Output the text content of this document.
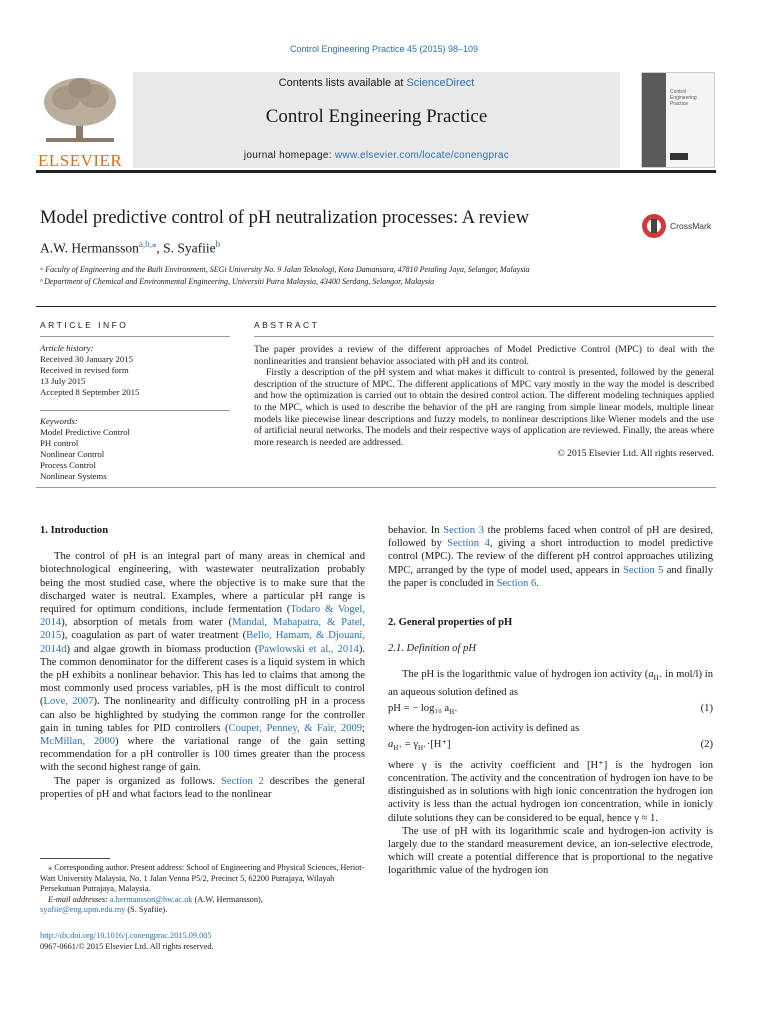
Control Engineering Practice 45 (2015) 98–109
ELSEVIER
Contents lists available at ScienceDirect
Control Engineering Practice
journal homepage: www.elsevier.com/locate/conengprac
Control
Engineering
Practice
Model predictive control of pH neutralization processes: A review	CrossMark
A.W. Hermansson$^{a,b,⁎}$, S. Syafiie$^b$
ᵃ Faculty of Engineering and the Built Environment, SEGi University No. 9 Jalan Teknologi, Kota Damansara, 47810 Petaling Jaya, Selangor, Malaysia
ᵇ Department of Chemical and Environmental Engineering, Universiti Putra Malaysia, 43400 Serdang, Selangor, Malaysia
ARTICLE INFO
Article history:
Received 30 January 2015
Received in revised form
13 July 2015
Accepted 8 September 2015
Keywords:
Model Predictive Control
PH control
Nonlinear Control
Process Control
Nonlinear Systems
ABSTRACT

The paper provides a review of the different approaches of Model Predictive Control (MPC) to deal with the nonlinearities and transient behavior associated with pH and its control.

Firstly a description of the pH system and what makes it difficult to control is presented, followed by the general description of the structure of MPC. The different applications of MPC vary mostly in the way the model is described and how the optimization is carried out to obtain the desired control action. The different modeling techniques applied to the MPC, which is used to describe the behavior of the pH are ranging from simple linear models, multiple linear models like piecewise linear descriptions and fuzzy models, to nonlinear descriptions like Wiener models and the use of artificial neural networks. The models and their respective ways of application are reviewed. Finally, the areas where more research is needed are addressed.

© 2015 Elsevier Ltd. All rights reserved.
1. Introduction

The control of pH is an integral part of many areas in chemical and biotechnological engineering, with wastewater neutralization probably being the most studied case, where the objective is to make sure that the discharged water is neutral. Examples, where a particular pH range is required for optimum conditions, include fermentation (Todaro & Vogel, 2014), absorption of metals from water (Mandal, Mahapatra, & Patel, 2015), coagulation as part of water treatment (Bello, Hamam, & Djouani, 2014d) and algae growth in biomass production (Pawlowski et al., 2014). The common denominator for the different cases is a liquid system in which the pH exhibits a nonlinear behavior. This has led to claims that among the most commonly used process variables, pH is the most difficult to control (Love, 2007). The nonlinearity and difficulty controlling pH in a process can also be highlighted by studying the common range for the controller gain in tuning tables for PID controllers (Couper, Penney, & Fair, 2009; McMillan, 2000) where the variational range of the gain setting recommendation for a pH controller is 100 times greater than the process with the second highest range of gain.

The paper is organized as follows. Section 2 describes the general properties of pH and what factors lead to the nonlinear

⁎ Corresponding author. Present address: School of Engineering and Physical Sciences, Heriot-Watt University Malaysia, No. 1 Jalan Venna P5/2, Precinct 5, 62200 Putrajaya, Wilayah Persekutuan Putrajaya, Malaysia.
E-mail addresses: a.hermansson@hw.ac.uk (A.W. Hermansson),
syafiie@eng.upm.edu.my (S. Syafiie).
http://dx.doi.org/10.1016/j.conengprac.2015.09.005
0967-0661/© 2015 Elsevier Ltd. All rights reserved.

behavior. In Section 3 the problems faced when control of pH are desired, followed by Section 4, giving a short introduction to model predictive control (MPC). The review of the different pH control approaches utilizing MPC, arranged by the type of model used, appears in Section 5 and finally the paper is concluded in Section 6.

2. General properties of pH
2.1. Definition of pH

The pH is the logarithmic value of hydrogen ion activity ($a_{H^+}$ in mol/l) in an aqueous solution defined as

pH = − log₁₀ $a_{H^+}$	(1)

where the hydrogen-ion activity is defined as

$a_{H^+} = \gamma_{H^+}\cdot[H^+]$	(2)

where γ is the activity coefficient and [H⁺] is the hydrogen ion concentration. The activity and the concentration of hydrogen ion have to be distinguished as in solutions with high ionic concentration the hydrogen ion activity is less than the actual hydrogen ion concentration, while in ionicly dilute solutions they can be considered to be equal, hence γ ≈ 1.

The use of pH with its logarithmic scale and hydrogen-ion activity is largely due to the standard measurement device, an ion-selective electrode, which will create a potential difference that is proportional to the negative logarithmic value of the hydrogen ion
